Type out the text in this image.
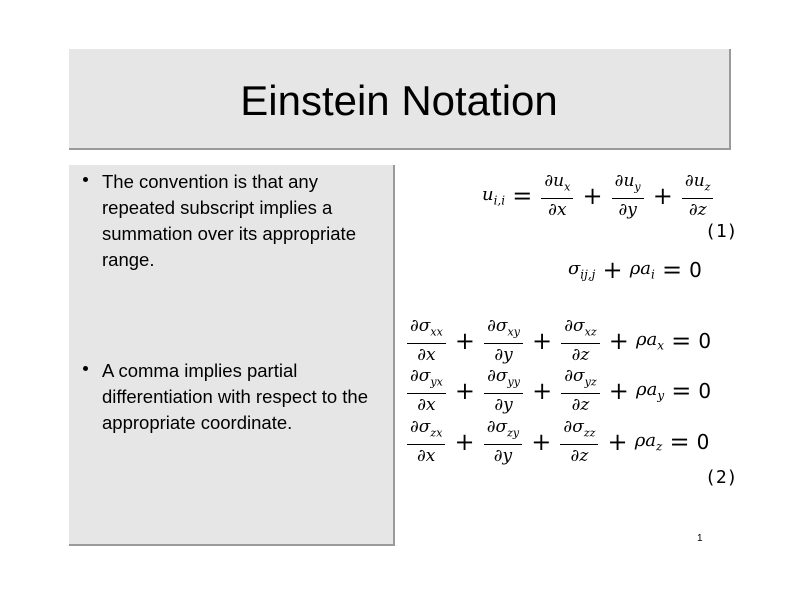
Einstein Notation
The convention is that any repeated subscript implies a summation over its appropriate range.
A comma implies partial differentiation with respect to the appropriate coordinate.
$u_{i,i} = \frac{\partial u_x}{\partial x} + \frac{\partial u_y}{\partial y} + \frac{\partial u_z}{\partial z}$
(1)
$\sigma_{ij,j} + \rho a_i = 0$
$\frac{\partial\sigma_{xx}}{\partial x} + \frac{\partial\sigma_{xy}}{\partial y} + \frac{\partial\sigma_{xz}}{\partial z} + \rho a_x = 0$
$\frac{\partial\sigma_{yx}}{\partial x} + \frac{\partial\sigma_{yy}}{\partial y} + \frac{\partial\sigma_{yz}}{\partial z} + \rho a_y = 0$
$\frac{\partial\sigma_{zx}}{\partial x} + \frac{\partial\sigma_{zy}}{\partial y} + \frac{\partial\sigma_{zz}}{\partial z} + \rho a_z = 0$
(2)
1
